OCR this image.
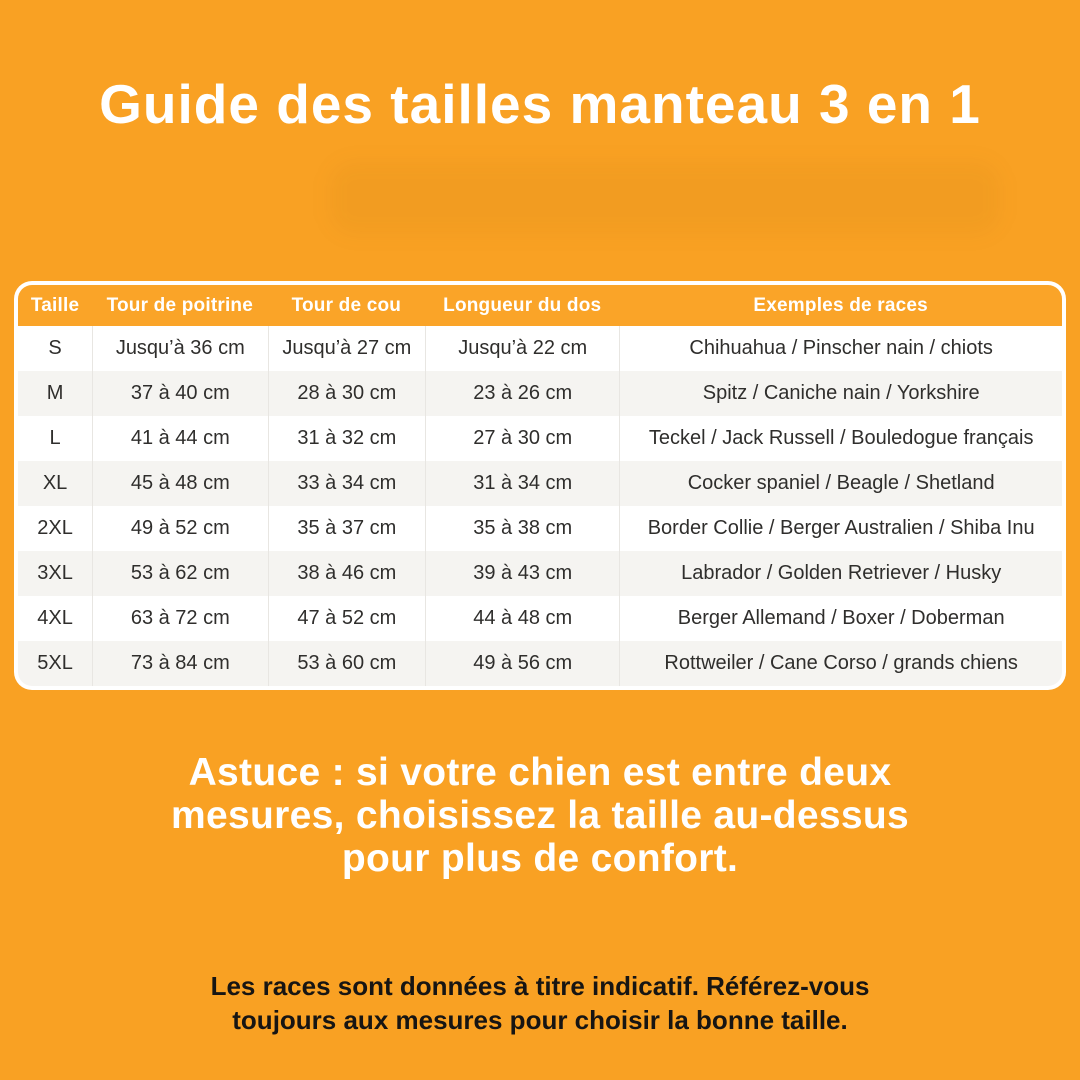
Guide des tailles manteau 3 en 1
Taille	Tour de poitrine	Tour de cou	Longueur du dos	Exemples de races
S	Jusqu’à 36 cm	Jusqu’à 27 cm	Jusqu’à 22 cm	Chihuahua / Pinscher nain / chiots
M	37 à 40 cm	28 à 30 cm	23 à 26 cm	Spitz / Caniche nain / Yorkshire
L	41 à 44 cm	31 à 32 cm	27 à 30 cm	Teckel / Jack Russell / Bouledogue français
XL	45 à 48 cm	33 à 34 cm	31 à 34 cm	Cocker spaniel / Beagle / Shetland
2XL	49 à 52 cm	35 à 37 cm	35 à 38 cm	Border Collie / Berger Australien / Shiba Inu
3XL	53 à 62 cm	38 à 46 cm	39 à 43 cm	Labrador / Golden Retriever / Husky
4XL	63 à 72 cm	47 à 52 cm	44 à 48 cm	Berger Allemand / Boxer / Doberman
5XL	73 à 84 cm	53 à 60 cm	49 à 56 cm	Rottweiler / Cane Corso / grands chiens
Astuce : si votre chien est entre deux
mesures, choisissez la taille au-dessus
pour plus de confort.
Les races sont données à titre indicatif. Référez-vous
toujours aux mesures pour choisir la bonne taille.
